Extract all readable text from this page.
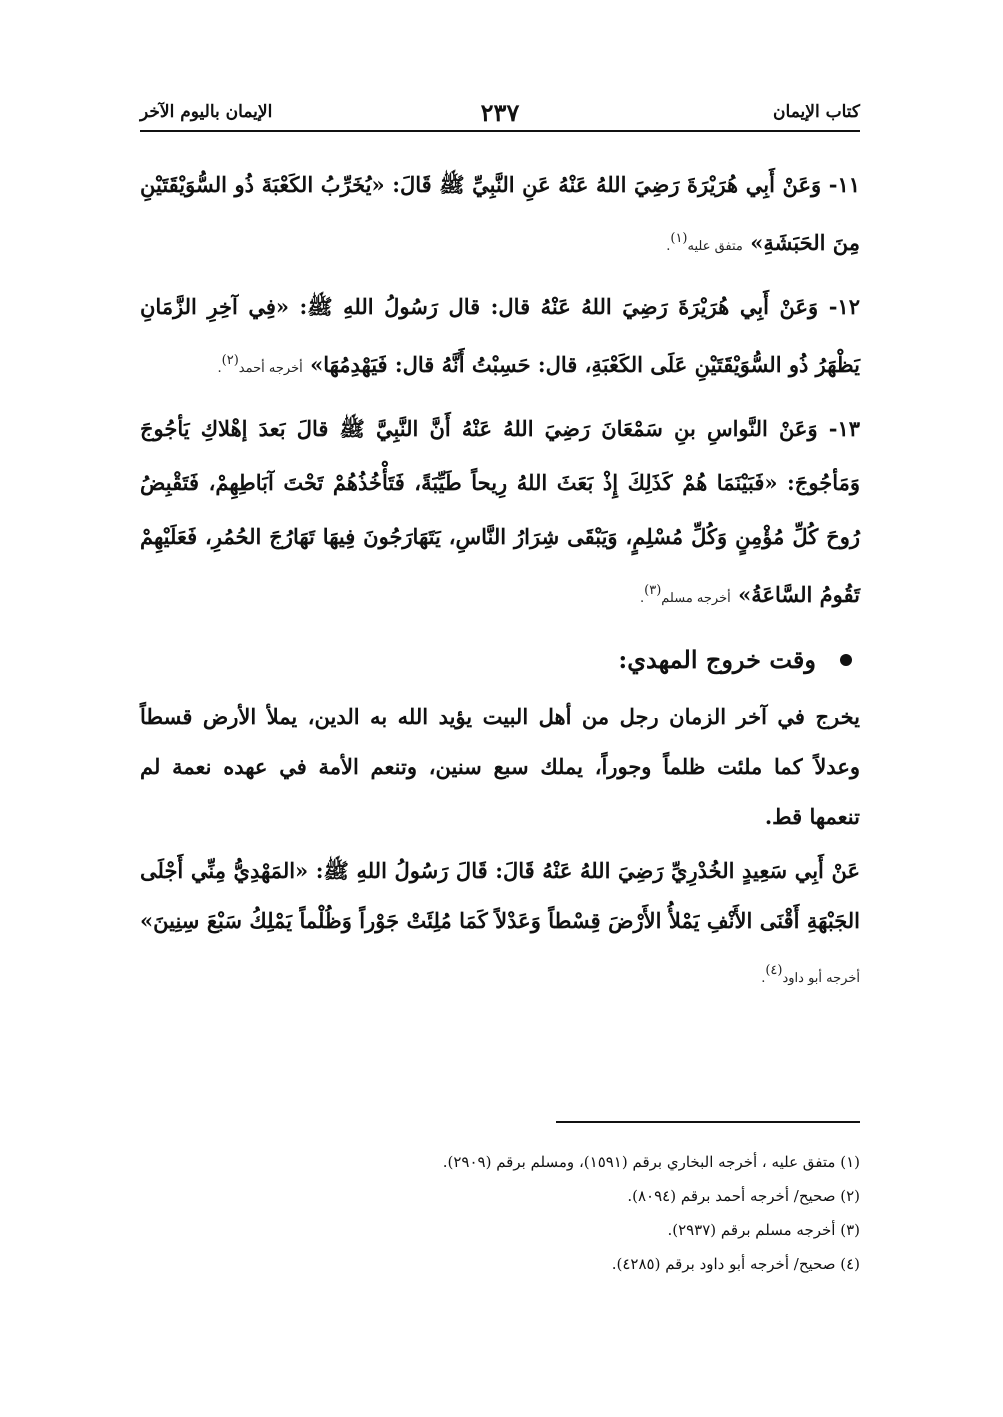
كتاب الإيمان
٢٣٧
الإيمان باليوم الآخر
١١- وَعَنْ أَبِي هُرَيْرَةَ رَضِيَ اللهُ عَنْهُ عَنِ النَّبِيِّ ﷺ قَالَ: «يُخَرِّبُ الكَعْبَةَ ذُو السُّوَيْقَتَيْنِ مِنَ الحَبَشَةِ» متفق عليه$^{(١)}$.
١٢- وَعَنْ أَبِي هُرَيْرَةَ رَضِيَ اللهُ عَنْهُ قال: قال رَسُولُ اللهِ ﷺ: «فِي آخِرِ الزَّمَانِ يَظْهَرُ ذُو السُّوَيْقَتَيْنِ عَلَى الكَعْبَةِ، قال: حَسِبْتُ أَنَّهُ قال: فَيَهْدِمُهَا» أخرجه أحمد$^{(٢)}$.
١٣- وَعَنْ النَّواسِ بنِ سَمْعَانَ رَضِيَ اللهُ عَنْهُ أَنَّ النَّبِيَّ ﷺ قالَ بَعدَ إهْلاكِ يَأجُوجَ وَمَأجُوجَ: «فَبَيْنَمَا هُمْ كَذَلِكَ إِذْ بَعَثَ اللهُ رِيحاً طَيِّبَةً، فَتَأْخُذُهُمْ تَحْتَ آبَاطِهِمْ، فَتَقْبِضُ رُوحَ كُلِّ مُؤْمِنٍ وَكُلِّ مُسْلِمٍ، وَيَبْقَى شِرَارُ النَّاسِ، يَتَهَارَجُونَ فِيهَا تَهَارُجَ الحُمُرِ، فَعَلَيْهِمْ تَقُومُ السَّاعَةُ» أخرجه مسلم$^{(٣)}$.
وقت خروج المهدي:
يخرج في آخر الزمان رجل من أهل البيت يؤيد الله به الدين، يملأ الأرض قسطاً وعدلاً كما ملئت ظلماً وجوراً، يملك سبع سنين، وتنعم الأمة في عهده نعمة لم تنعمها قط.
عَنْ أَبِي سَعِيدٍ الخُدْرِيِّ رَضِيَ اللهُ عَنْهُ قَالَ: قَالَ رَسُولُ اللهِ ﷺ: «المَهْدِيُّ مِنِّي أَجْلَى الجَبْهَةِ أَقْنَى الأَنْفِ يَمْلأُ الأَرْضَ قِسْطاً وَعَدْلاً كَمَا مُلِئَتْ جَوْراً وَظُلْماً يَمْلِكُ سَبْعَ سِنِينَ» أخرجه أبو داود$^{(٤)}$.

(١) متفق عليه ، أخرجه البخاري برقم (١٥٩١)، ومسلم برقم (٢٩٠٩).

(٢) صحيح/ أخرجه أحمد برقم (٨٠٩٤).

(٣) أخرجه مسلم برقم (٢٩٣٧).

(٤) صحيح/ أخرجه أبو داود برقم (٤٢٨٥).
